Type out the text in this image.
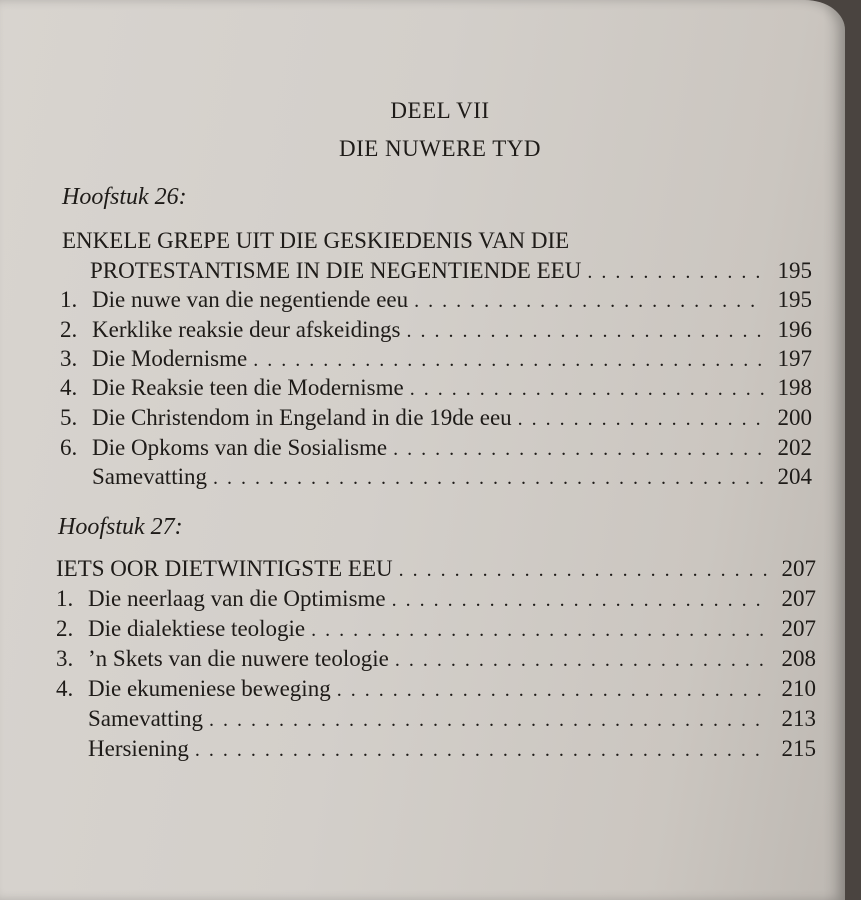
DEEL VII
DIE NUWERE TYD
Hoofstuk 26:
ENKELE GREPE UIT DIE GESKIEDENIS VAN DIE
PROTESTANTISME IN DIE NEGENTIENDE EEU . . .	195
1. Die nuwe van die negentiende eeu . . .	195
2. Kerklike reaksie deur afskeidings . . .	196
3. Die Modernisme . . .	197
4. Die Reaksie teen die Modernisme . . .	198
5. Die Christendom in Engeland in die 19de eeu . . .	200
6. Die Opkoms van die Sosialisme . . .	202
Samevatting . . .	204
Hoofstuk 27:
IETS OOR DIETWINTIGSTE EEU . . .	207
1. Die neerlaag van die Optimisme . . .	207
2. Die dialektiese teologie . . .	207
3. ’n Skets van die nuwere teologie . . .	208
4. Die ekumeniese beweging . . .	210
Samevatting . . .	213
Hersiening . . .	215
